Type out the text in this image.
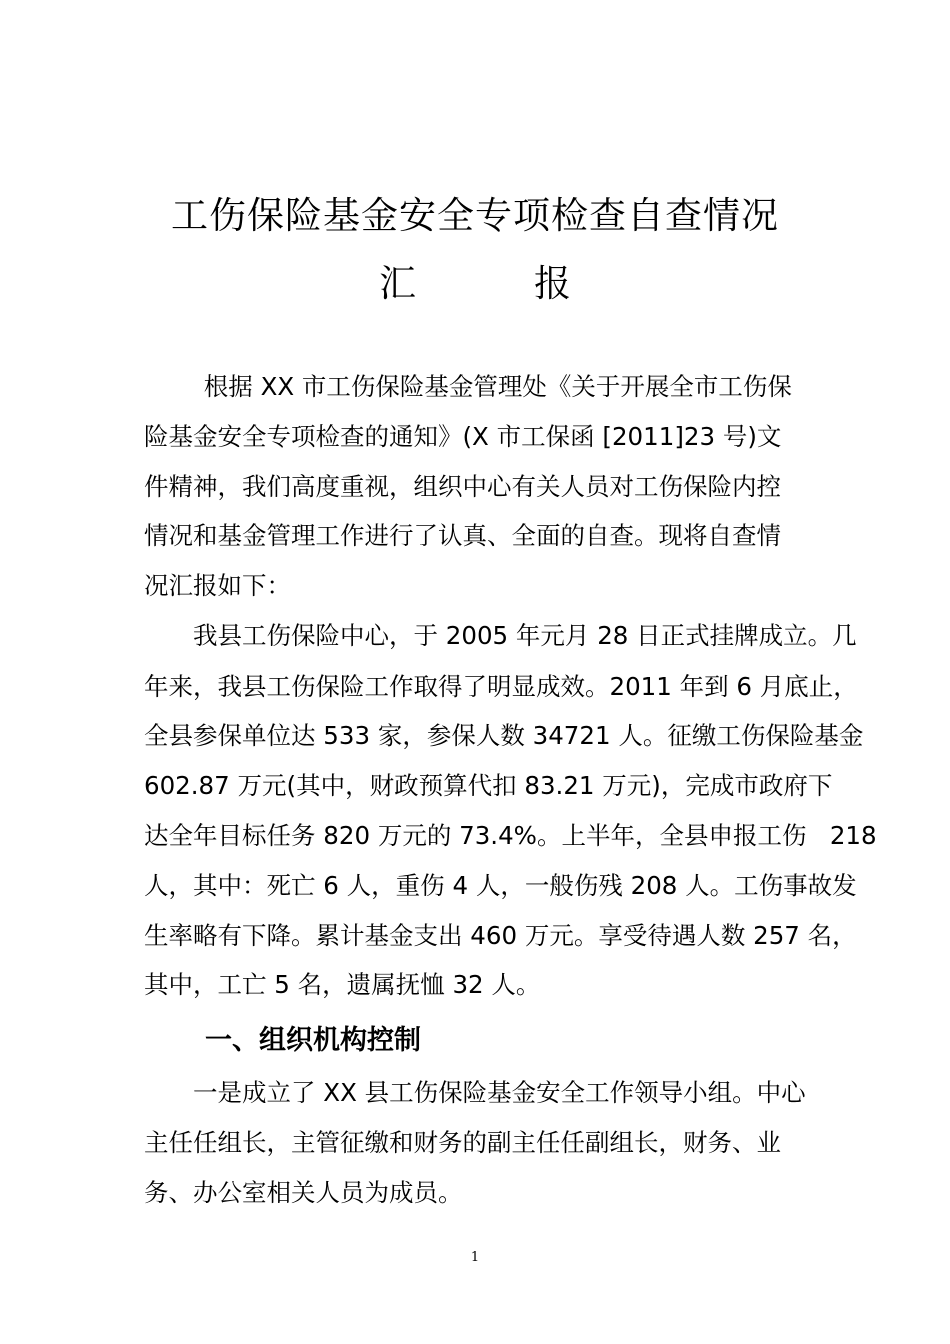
工伤保险基金安全专项检查自查情况
汇	报
根据 XX 市工伤保险基金管理处《关于开展全市工伤保
险基金安全专项检查的通知》(X 市工保函 [2011]23 号)文
件精神，我们高度重视，组织中心有关人员对工伤保险内控
情况和基金管理工作进行了认真、全面的自查。现将自查情
况汇报如下：
我县工伤保险中心，于 2005 年元月 28 日正式挂牌成立。几
年来，我县工伤保险工作取得了明显成效。2011 年到 6 月底止，
全县参保单位达 533 家，参保人数 34721 人。征缴工伤保险基金
602.87 万元(其中，财政预算代扣 83.21 万元)，完成市政府下
达全年目标任务 820 万元的 73.4%。上半年，全县申报工伤   218
人，其中：死亡 6 人，重伤 4 人，一般伤残 208 人。工伤事故发
生率略有下降。累计基金支出 460 万元。享受待遇人数 257 名，
其中，工亡 5 名，遗属抚恤 32 人。
一、组织机构控制
一是成立了 XX 县工伤保险基金安全工作领导小组。中心
主任任组长，主管征缴和财务的副主任任副组长，财务、业
务、办公室相关人员为成员。
1
